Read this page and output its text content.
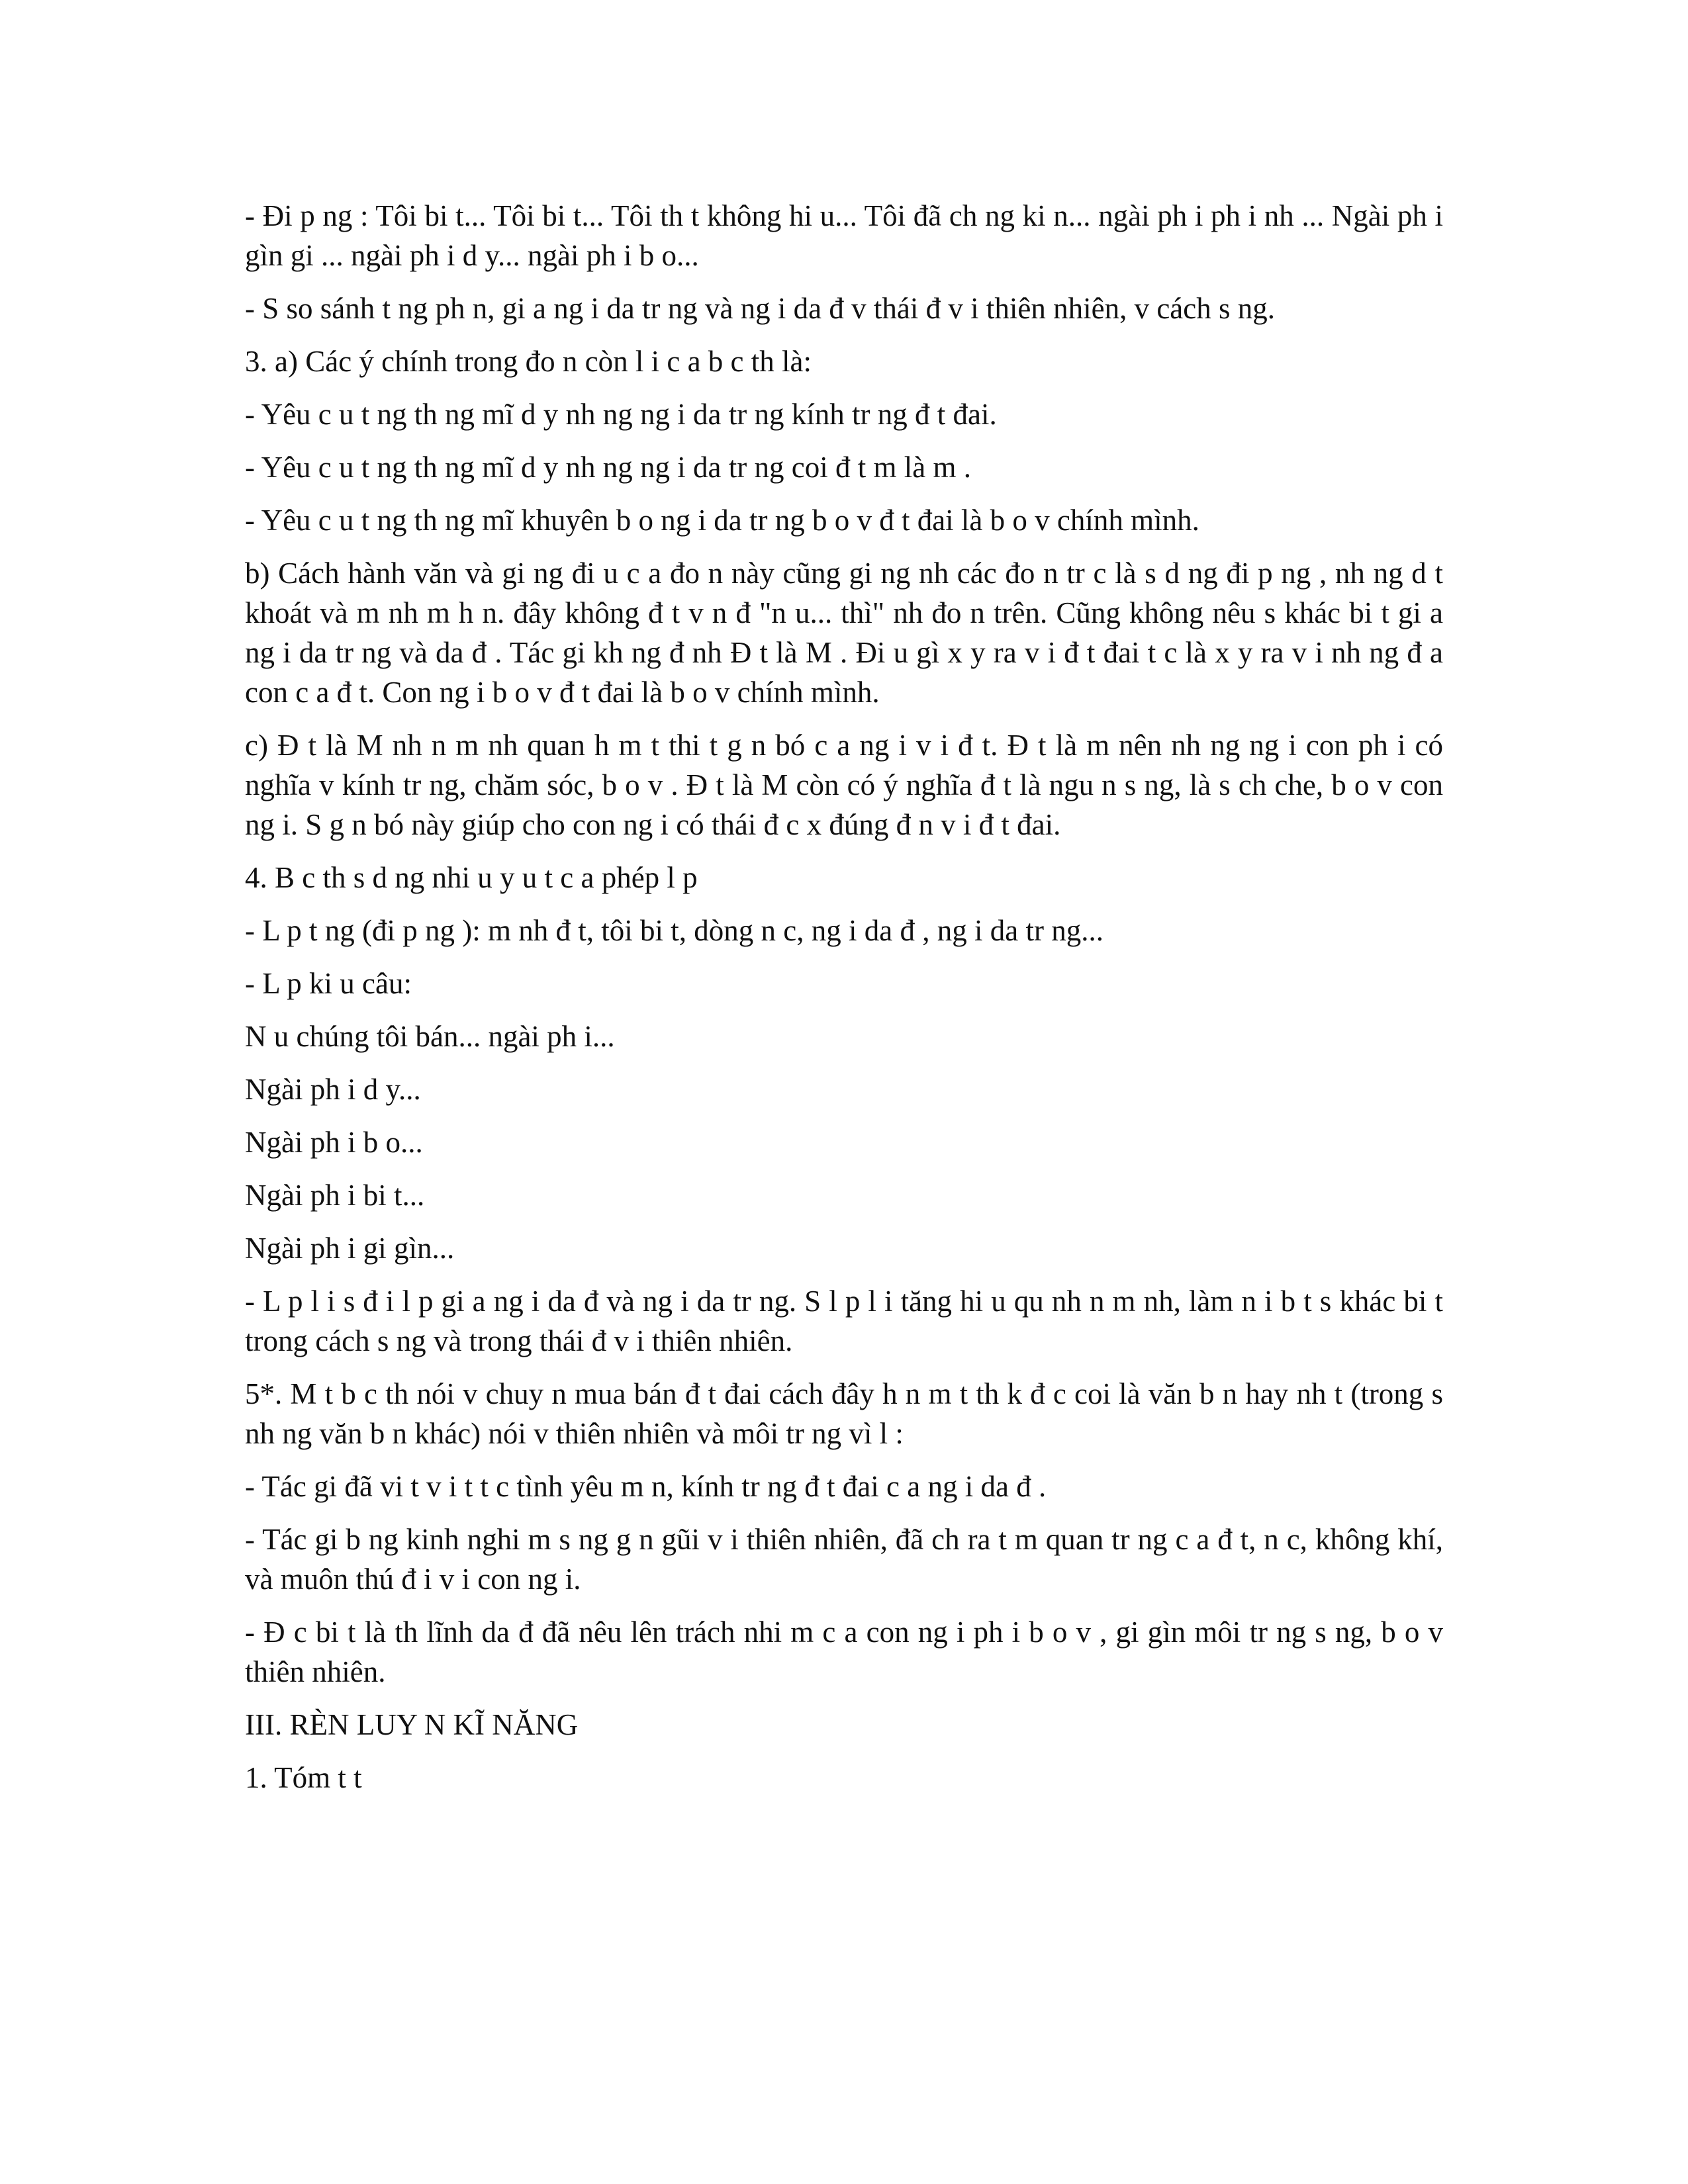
- Đi p ng : Tôi bi t... Tôi bi t... Tôi th t không hi u... Tôi đã ch ng ki n... ngài ph i ph i nh ... Ngài ph i gìn gi ... ngài ph i d y... ngài ph i b o...

- S so sánh t ng ph n, gi a ng i da tr ng và ng i da đ v thái đ v i thiên nhiên, v cách s ng.

3. a) Các ý chính trong đo n còn l i c a b c th là:

- Yêu c u t ng th ng mĩ d y nh ng ng i da tr ng kính tr ng đ t đai.

- Yêu c u t ng th ng mĩ d y nh ng ng i da tr ng coi đ t m là m .

- Yêu c u t ng th ng mĩ khuyên b o ng i da tr ng b o v đ t đai là b o v chính mình.

b) Cách hành văn và gi ng đi u c a đo n này cũng gi ng nh các đo n tr c là s d ng đi p ng , nh ng d t khoát và m nh m h n. đây không đ t v n đ "n u... thì" nh đo n trên. Cũng không nêu s khác bi t gi a ng i da tr ng và da đ . Tác gi kh ng đ nh Đ t là M . Đi u gì x y ra v i đ t đai t c là x y ra v i nh ng đ a con c a đ t. Con ng i b o v đ t đai là b o v chính mình.

c) Đ t là M nh n m nh quan h m t thi t g n bó c a ng i v i đ t. Đ t là m nên nh ng ng i con ph i có nghĩa v kính tr ng, chăm sóc, b o v . Đ t là M còn có ý nghĩa đ t là ngu n s ng, là s ch che, b o v con ng i. S g n bó này giúp cho con ng i có thái đ c x đúng đ n v i đ t đai.

4. B c th s d ng nhi u y u t c a phép l p

- L p t ng (đi p ng ): m nh đ t, tôi bi t, dòng n c, ng i da đ , ng i da tr ng...

- L p ki u câu:

N u chúng tôi bán... ngài ph i...

Ngài ph i d y...

Ngài ph i b o...

Ngài ph i bi t...

Ngài ph i gi gìn...

- L p l i s đ i l p gi a ng i da đ và ng i da tr ng. S l p l i tăng hi u qu nh n m nh, làm n i b t s khác bi t trong cách s ng và trong thái đ v i thiên nhiên.

5*. M t b c th nói v chuy n mua bán đ t đai cách đây h n m t th k đ c coi là văn b n hay nh t (trong s nh ng văn b n khác) nói v thiên nhiên và môi tr ng vì l :

- Tác gi đã vi t v i t t c tình yêu m n, kính tr ng đ t đai c a ng i da đ .

- Tác gi b ng kinh nghi m s ng g n gũi v i thiên nhiên, đã ch ra t m quan tr ng c a đ t, n c, không khí, và muôn thú đ i v i con ng i.

- Đ c bi t là th lĩnh da đ đã nêu lên trách nhi m c a con ng i ph i b o v , gi gìn môi tr ng s ng, b o v thiên nhiên.

III. RÈN LUY N KĨ NĂNG

1. Tóm t t
